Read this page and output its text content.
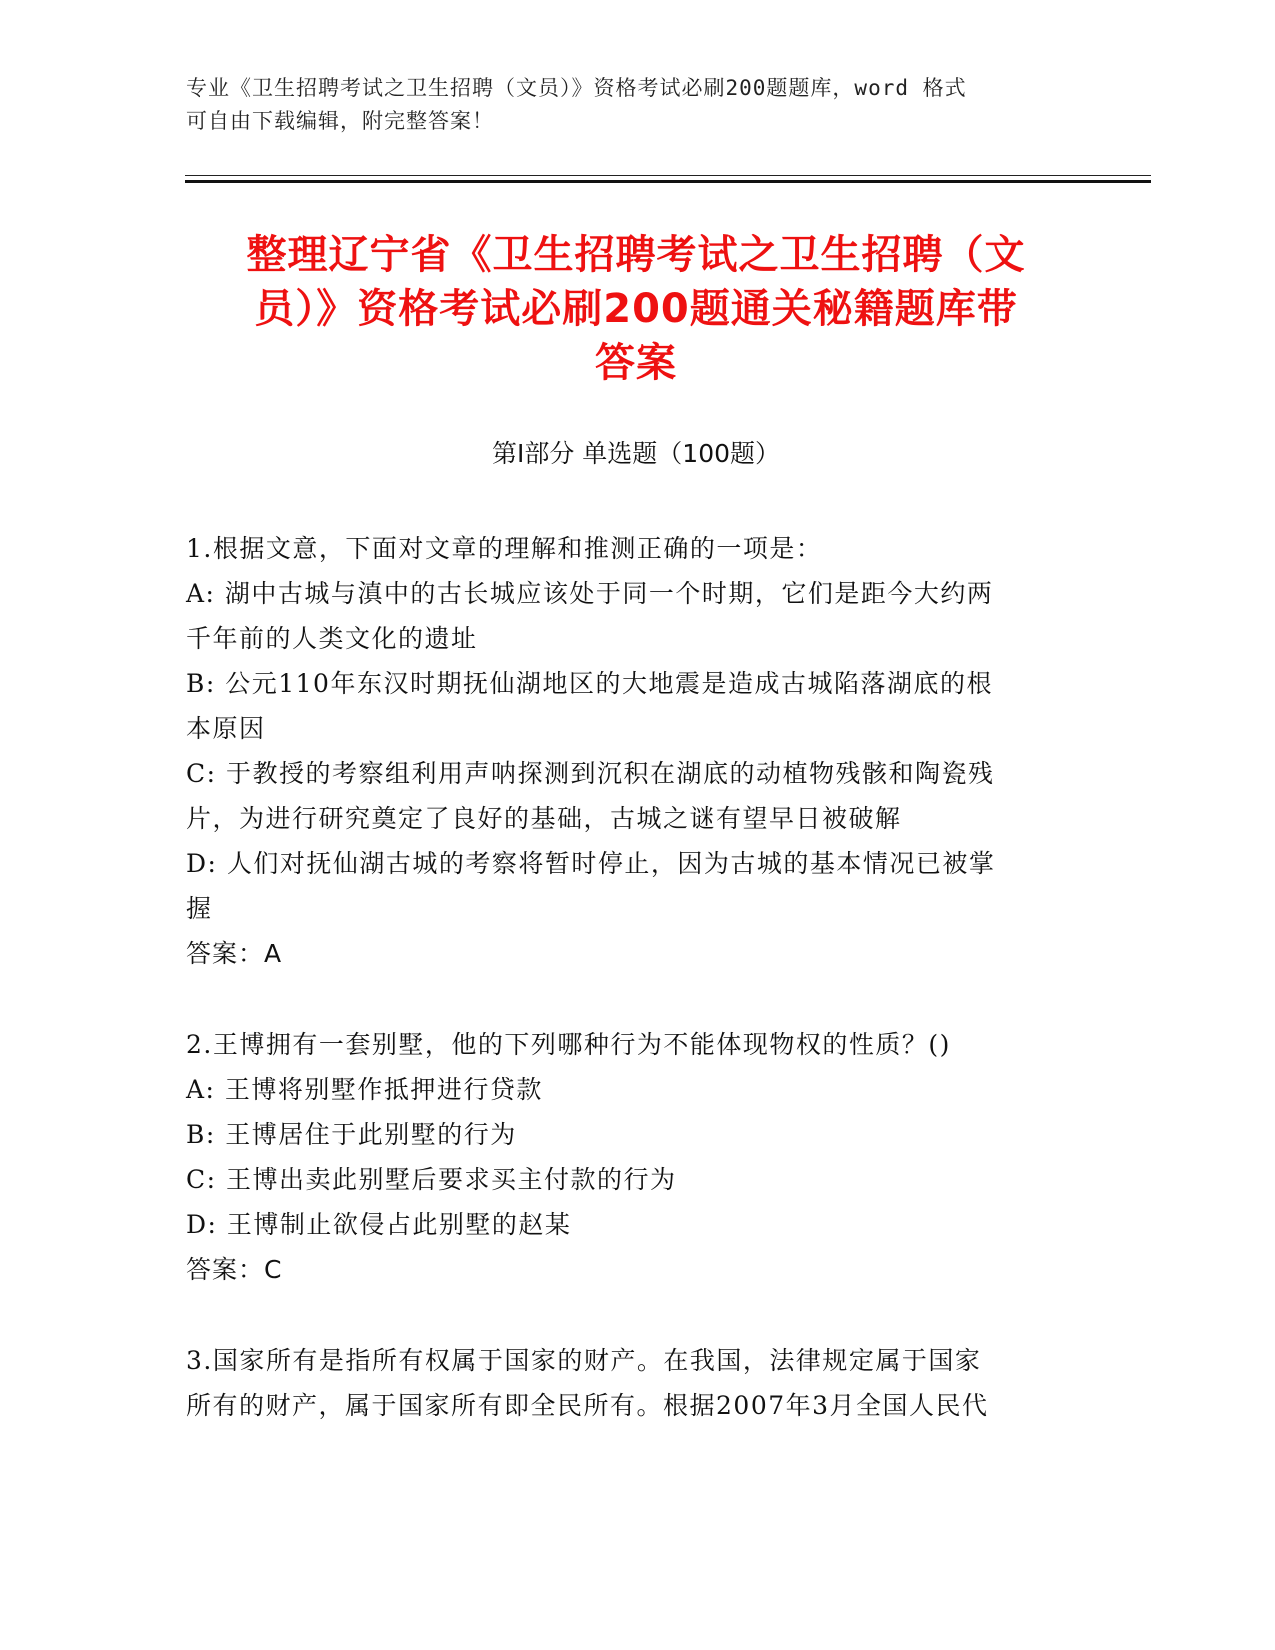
专业《卫生招聘考试之卫生招聘（文员）》资格考试必刷200题题库，word 格式
可自由下载编辑，附完整答案！
整理辽宁省《卫生招聘考试之卫生招聘（文
员）》资格考试必刷200题通关秘籍题库带
答案
第Ⅰ部分 单选题（100题）
1.根据文意，下面对文章的理解和推测正确的一项是：
A: 湖中古城与滇中的古长城应该处于同一个时期，它们是距今大约两
千年前的人类文化的遗址
B: 公元110年东汉时期抚仙湖地区的大地震是造成古城陷落湖底的根
本原因
C: 于教授的考察组利用声呐探测到沉积在湖底的动植物残骸和陶瓷残
片，为进行研究奠定了良好的基础，古城之谜有望早日被破解
D: 人们对抚仙湖古城的考察将暂时停止，因为古城的基本情况已被掌
握
答案：A
2.王博拥有一套别墅，他的下列哪种行为不能体现物权的性质？()
A: 王博将别墅作抵押进行贷款
B: 王博居住于此别墅的行为
C: 王博出卖此别墅后要求买主付款的行为
D: 王博制止欲侵占此别墅的赵某
答案：C
3.国家所有是指所有权属于国家的财产。在我国，法律规定属于国家
所有的财产，属于国家所有即全民所有。根据2007年3月全国人民代
